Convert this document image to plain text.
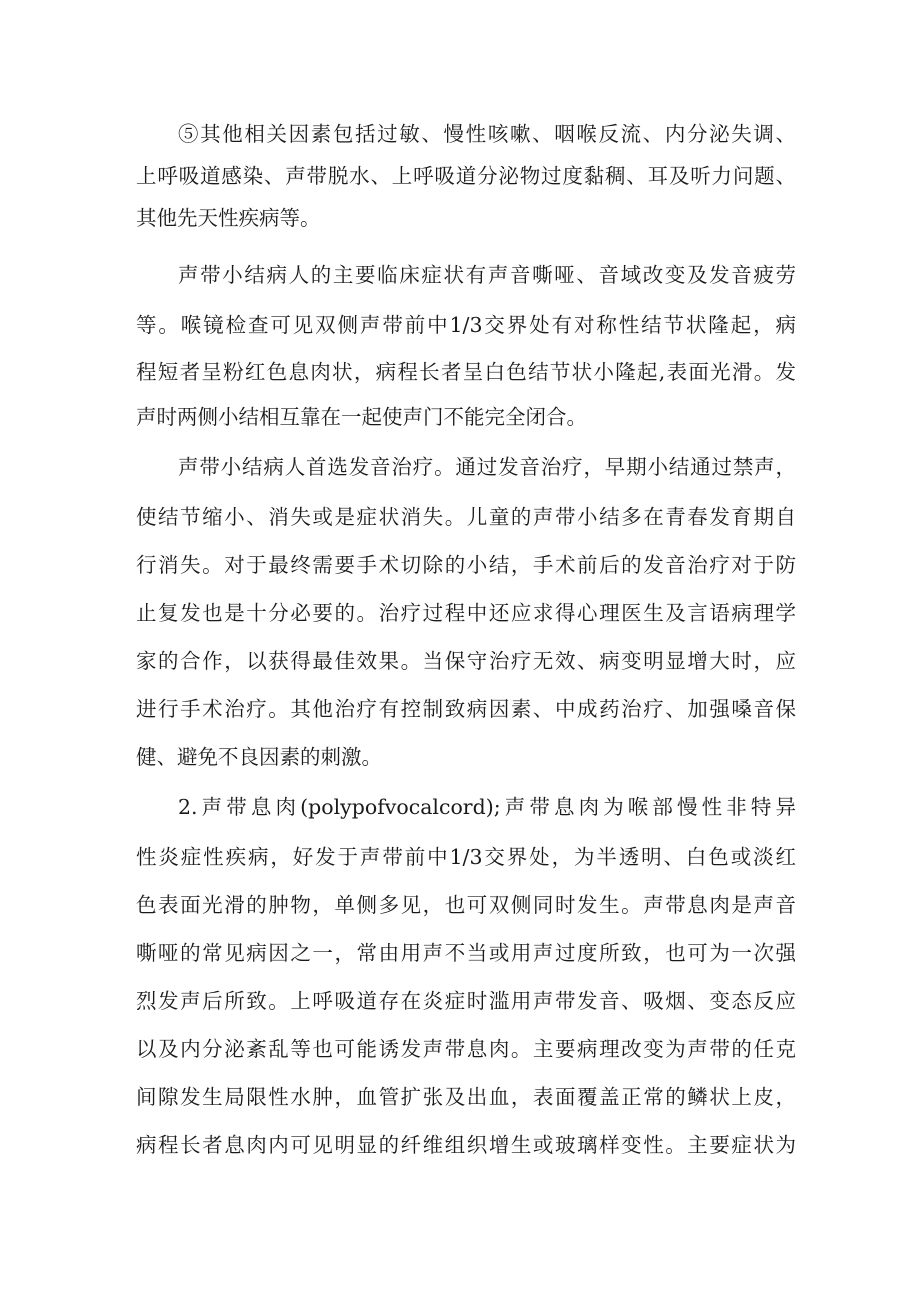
⑤其他相关因素包括过敏、慢性咳嗽、咽喉反流、内分泌失调、
上呼吸道感染、声带脱水、上呼吸道分泌物过度黏稠、耳及听力问题、
其他先天性疾病等。
声带小结病人的主要临床症状有声音嘶哑、音域改变及发音疲劳
等。喉镜检查可见双侧声带前中1/3交界处有对称性结节状隆起，病
程短者呈粉红色息肉状，病程长者呈白色结节状小隆起,表面光滑。发
声时两侧小结相互靠在一起使声门不能完全闭合。
声带小结病人首选发音治疗。通过发音治疗，早期小结通过禁声，
使结节缩小、消失或是症状消失。儿童的声带小结多在青春发育期自
行消失。对于最终需要手术切除的小结，手术前后的发音治疗对于防
止复发也是十分必要的。治疗过程中还应求得心理医生及言语病理学
家的合作，以获得最佳效果。当保守治疗无效、病变明显增大时，应
进行手术治疗。其他治疗有控制致病因素、中成药治疗、加强嗓音保
健、避免不良因素的刺激。
2.声带息肉(polypofvocalcord);声带息肉为喉部慢性非特异
性炎症性疾病，好发于声带前中1/3交界处，为半透明、白色或淡红
色表面光滑的肿物，单侧多见，也可双侧同时发生。声带息肉是声音
嘶哑的常见病因之一，常由用声不当或用声过度所致，也可为一次强
烈发声后所致。上呼吸道存在炎症时滥用声带发音、吸烟、变态反应
以及内分泌紊乱等也可能诱发声带息肉。主要病理改变为声带的任克
间隙发生局限性水肿，血管扩张及出血，表面覆盖正常的鳞状上皮，
病程长者息肉内可见明显的纤维组织增生或玻璃样变性。主要症状为
